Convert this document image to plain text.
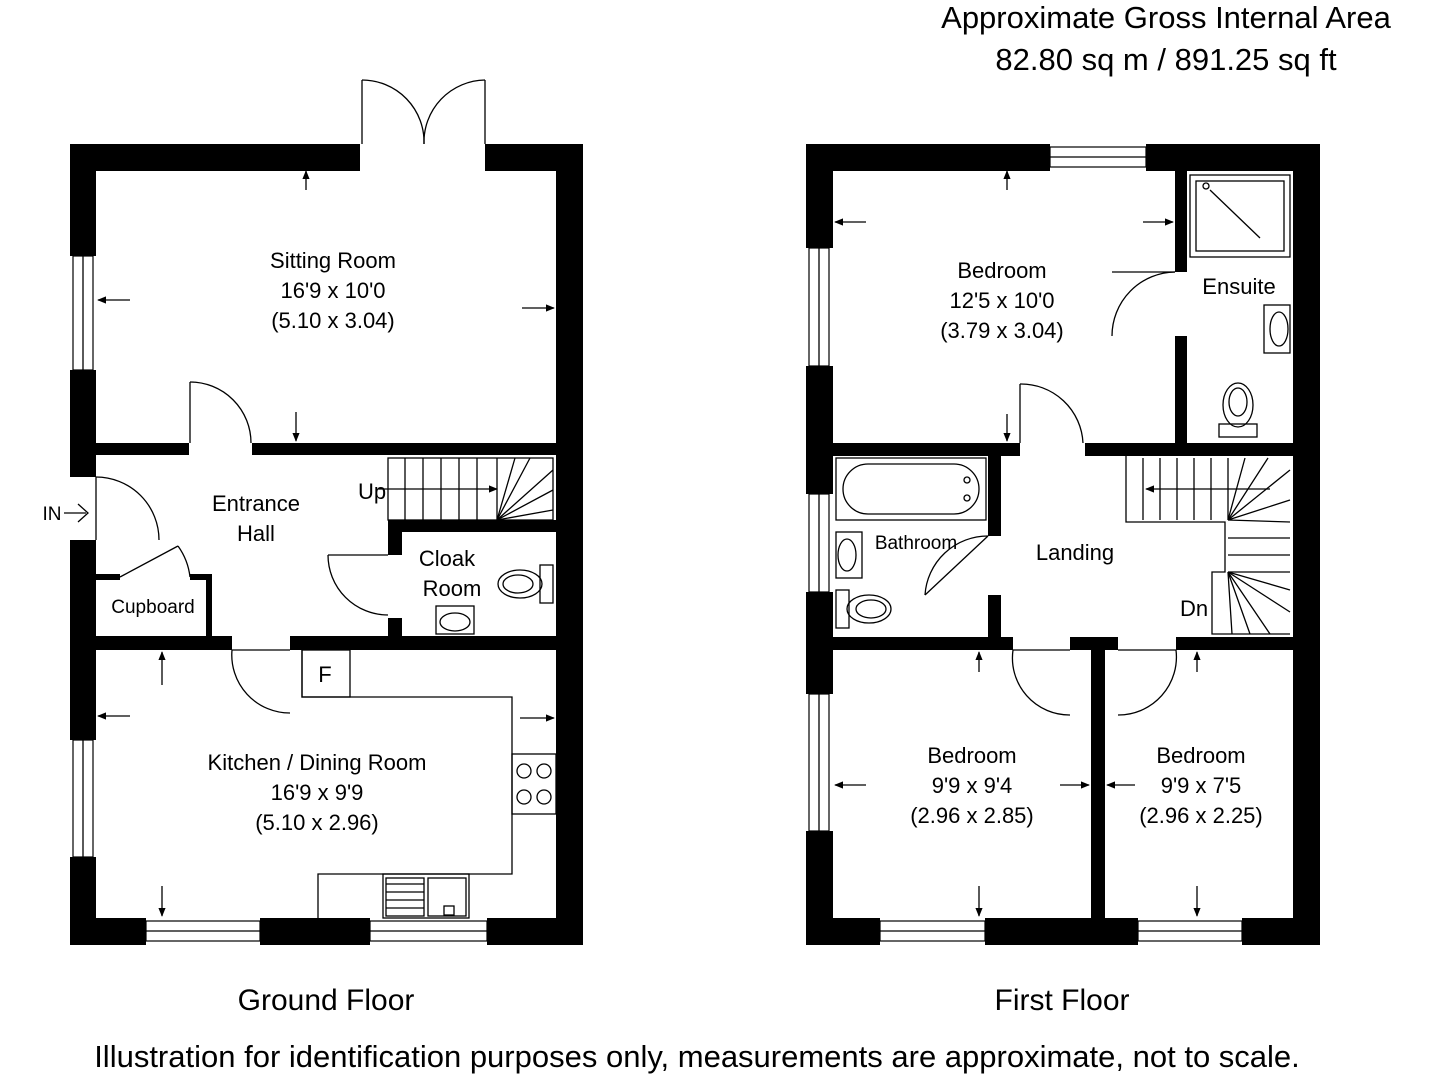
Sitting Room
16'9 x 10'0
(5.10 x 3.04)
Entrance
Hall
Up
Cloak
Room
Cupboard
IN
F
Kitchen / Dining Room
16'9 x 9'9
(5.10 x 2.96)
Ground Floor
Bedroom
12'5 x 10'0
(3.79 x 3.04)
Ensuite
Bathroom	Landing
Dn
Bedroom
9'9 x 9'4
(2.96 x 2.85)
Bedroom
9'9 x 7'5
(2.96 x 2.25)
First Floor
Approximate Gross Internal Area
82.80 sq m / 891.25 sq ft
Illustration for identification purposes only, measurements are approximate, not to scale.
